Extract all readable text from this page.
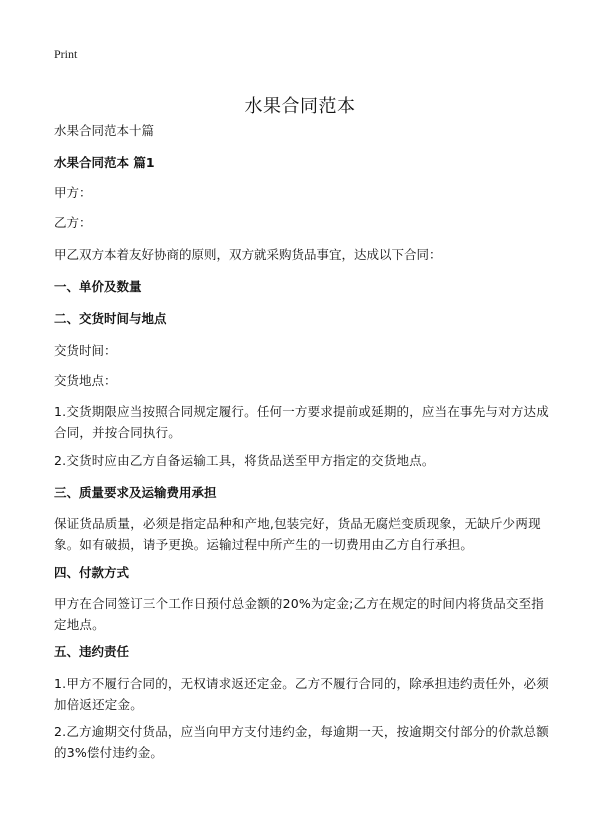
Print
水果合同范本

水果合同范本十篇

水果合同范本 篇1

甲方：

乙方：

甲乙双方本着友好协商的原则，双方就采购货品事宜，达成以下合同：

一、单价及数量

二、交货时间与地点

交货时间：

交货地点：

1.交货期限应当按照合同规定履行。任何一方要求提前或延期的，应当在事先与对方达成合同，并按合同执行。

2.交货时应由乙方自备运输工具，将货品送至甲方指定的交货地点。

三、质量要求及运输费用承担

保证货品质量，必须是指定品种和产地,包装完好，货品无腐烂变质现象，无缺斤少两现象。如有破损，请予更换。运输过程中所产生的一切费用由乙方自行承担。

四、付款方式

甲方在合同签订三个工作日预付总金额的20%为定金;乙方在规定的时间内将货品交至指定地点。

五、违约责任

1.甲方不履行合同的，无权请求返还定金。乙方不履行合同的，除承担违约责任外，必须加倍返还定金。

2.乙方逾期交付货品，应当向甲方支付违约金，每逾期一天，按逾期交付部分的价款总额的3%偿付违约金。
